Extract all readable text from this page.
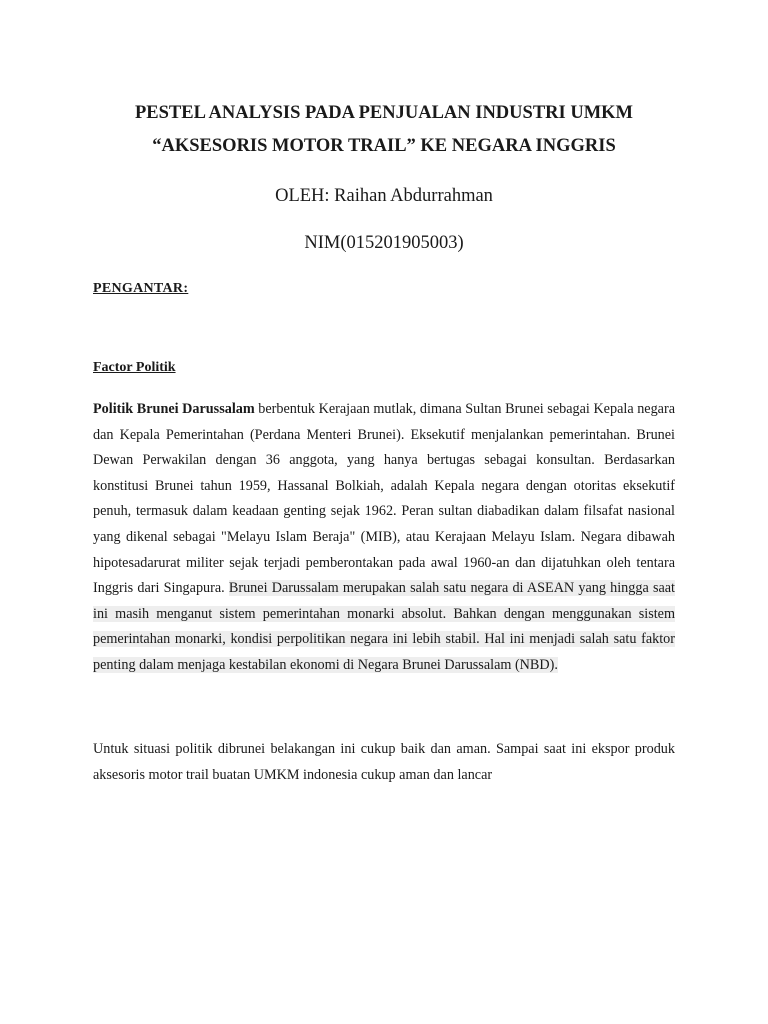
PESTEL ANALYSIS PADA PENJUALAN INDUSTRI UMKM
“AKSESORIS MOTOR TRAIL” KE NEGARA INGGRIS

OLEH: Raihan Abdurrahman

NIM(015201905003)

PENGANTAR:

Factor Politik

Politik Brunei Darussalam berbentuk Kerajaan mutlak, dimana Sultan Brunei sebagai Kepala negara dan Kepala Pemerintahan (Perdana Menteri Brunei). Eksekutif menjalankan pemerintahan. Brunei Dewan Perwakilan dengan 36 anggota, yang hanya bertugas sebagai konsultan. Berdasarkan konstitusi Brunei tahun 1959, Hassanal Bolkiah, adalah Kepala negara dengan otoritas eksekutif penuh, termasuk dalam keadaan genting sejak 1962. Peran sultan diabadikan dalam filsafat nasional yang dikenal sebagai "Melayu Islam Beraja" (MIB), atau Kerajaan Melayu Islam. Negara dibawah hipotesadarurat militer sejak terjadi pemberontakan pada awal 1960-an dan dijatuhkan oleh tentara Inggris dari Singapura. Brunei Darussalam merupakan salah satu negara di ASEAN yang hingga saat ini masih menganut sistem pemerintahan monarki absolut. Bahkan dengan menggunakan sistem pemerintahan monarki, kondisi perpolitikan negara ini lebih stabil. Hal ini menjadi salah satu faktor penting dalam menjaga kestabilan ekonomi di Negara Brunei Darussalam (NBD).

Untuk situasi politik dibrunei belakangan ini cukup baik dan aman. Sampai saat ini ekspor produk aksesoris motor trail buatan UMKM indonesia cukup aman dan lancar
